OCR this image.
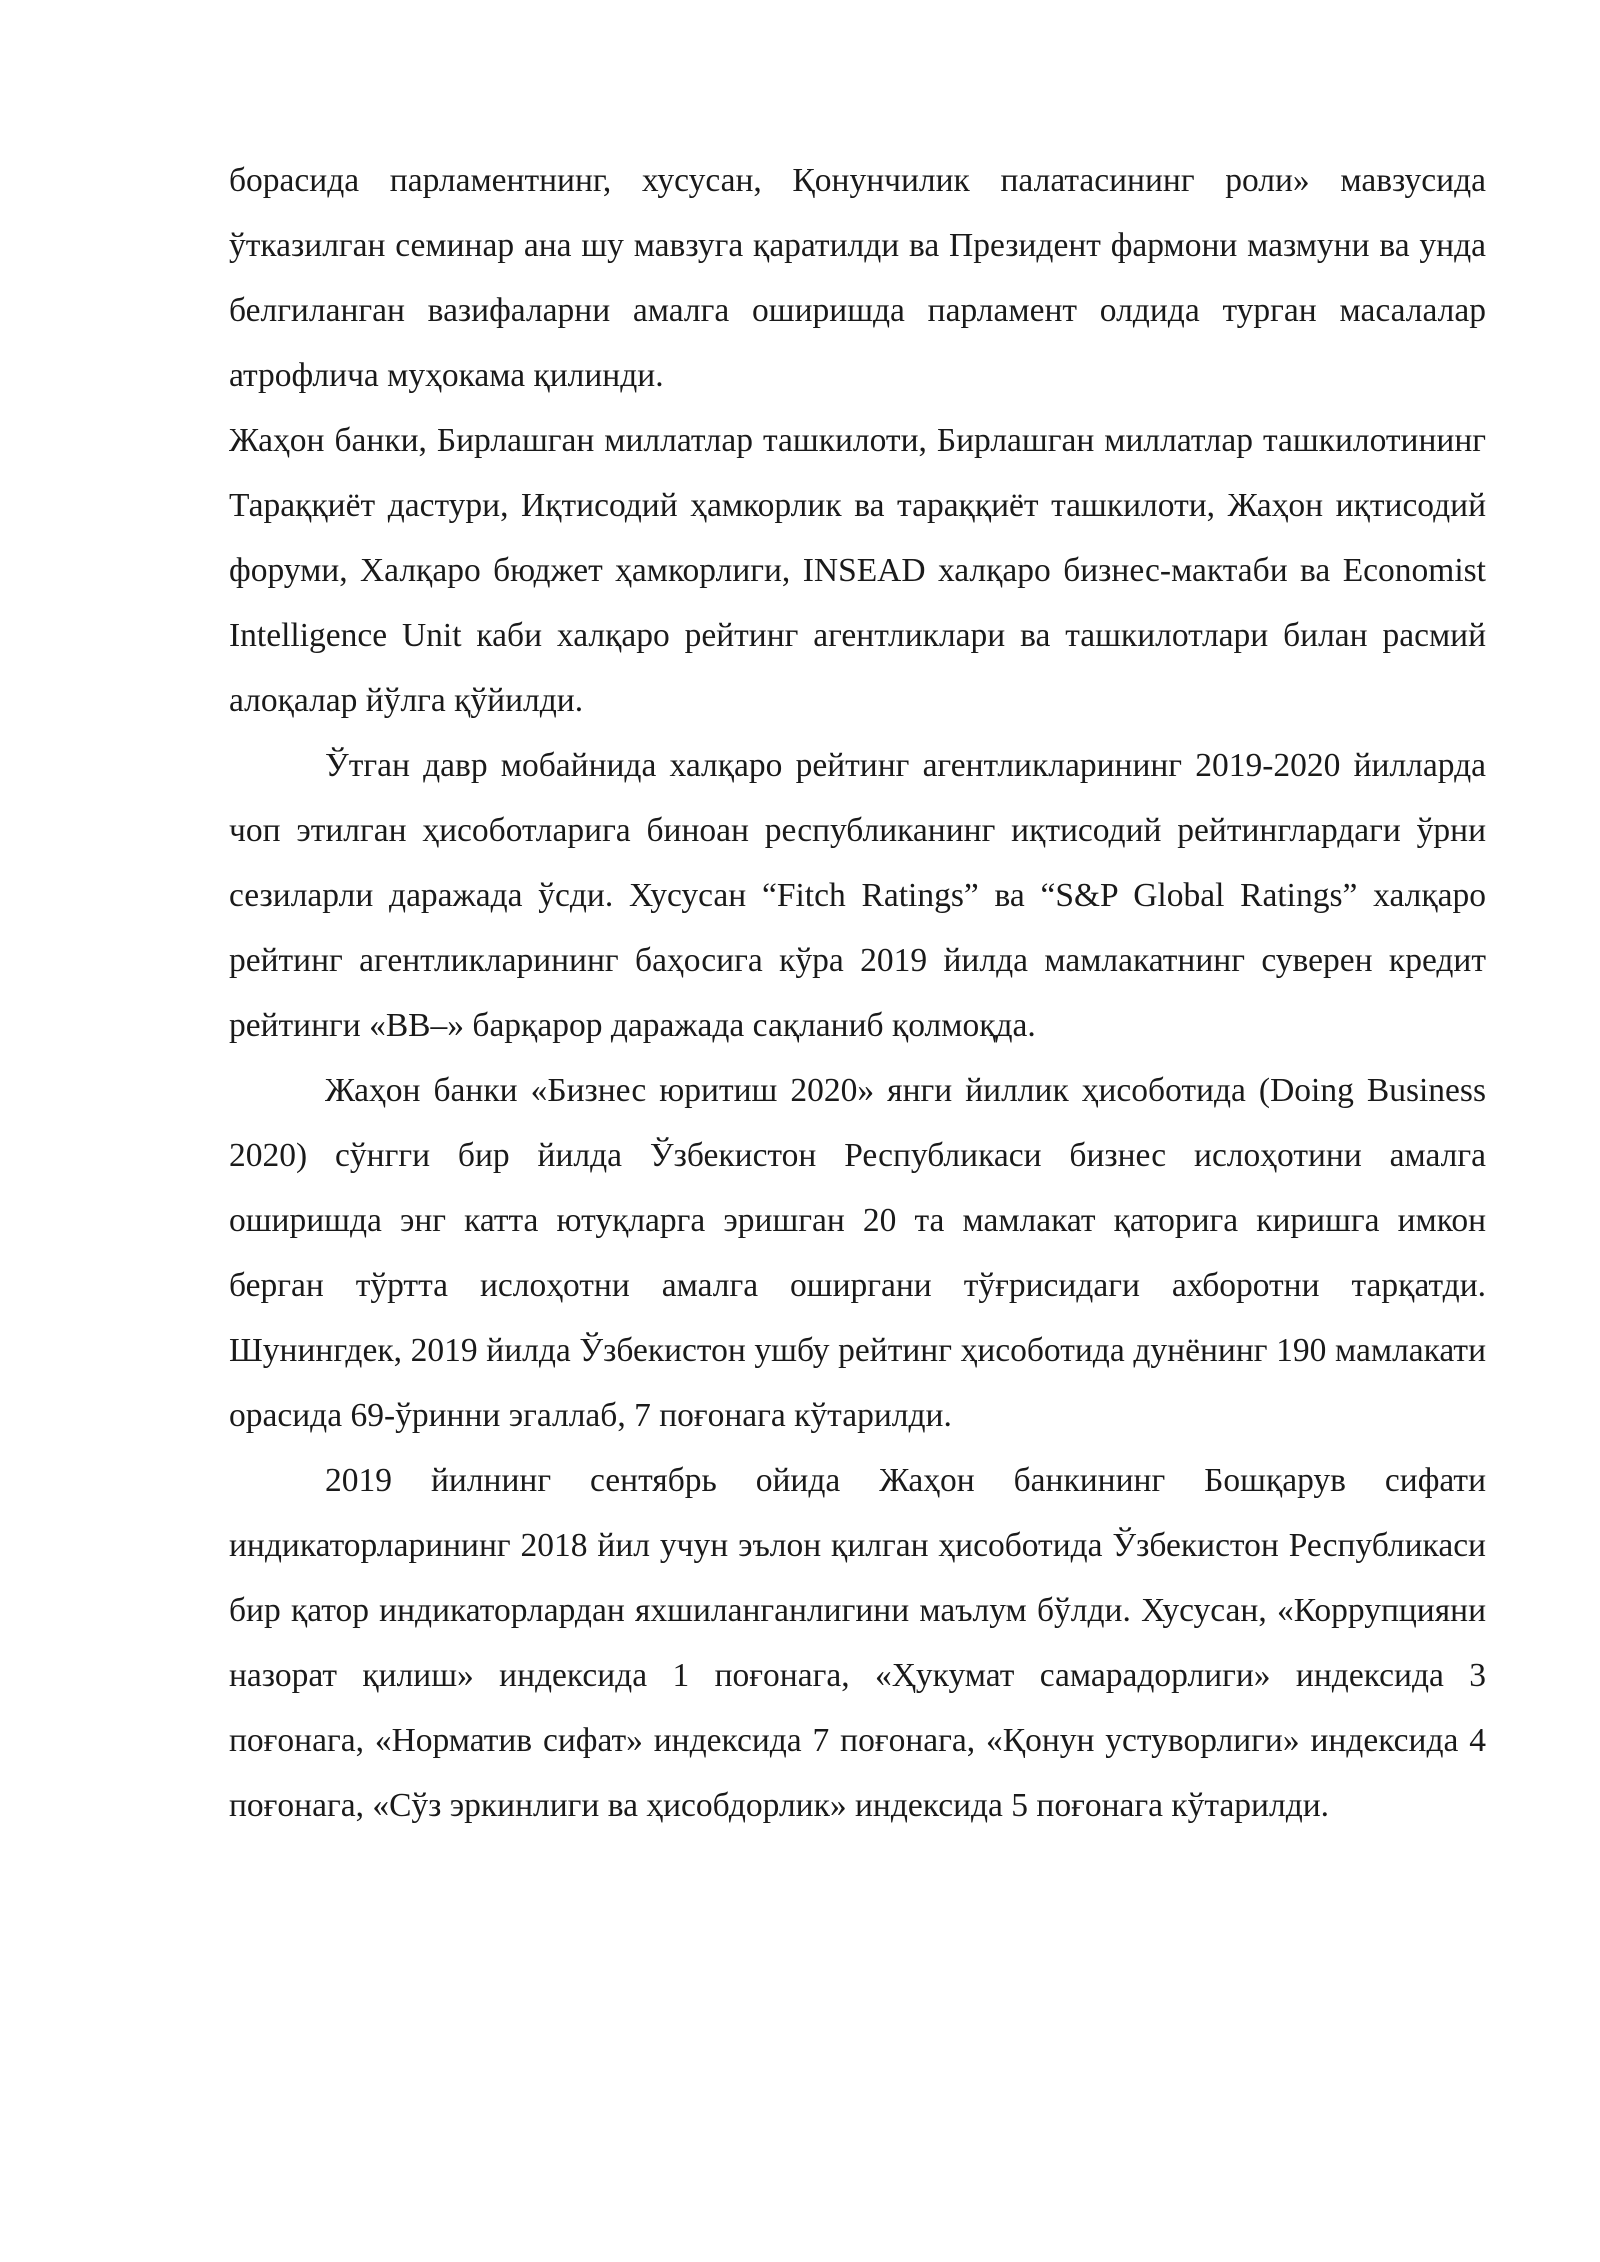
борасида парламентнинг, хусусан, Қонунчилик палатасининг роли» мавзусида ўтказилган семинар ана шу мавзуга қаратилди ва Президент фармони мазмуни ва унда белгиланган вазифаларни амалга оширишда парламент олдида турган масалалар атрофлича муҳокама қилинди.

Жаҳон банки, Бирлашган миллатлар ташкилоти, Бирлашган миллатлар ташкилотининг Тараққиёт дастури, Иқтисодий ҳамкорлик ва тараққиёт ташкилоти, Жаҳон иқтисодий форуми, Халқаро бюджет ҳамкорлиги, INSEAD халқаро бизнес-мактаби ва Economist Intelligence Unit каби халқаро рейтинг агентликлари ва ташкилотлари билан расмий алоқалар йўлга қўйилди.

Ўтган давр мобайнида халқаро рейтинг агентликларининг 2019-2020 йилларда чоп этилган ҳисоботларига биноан республиканинг иқтисодий рейтинглардаги ўрни сезиларли даражада ўсди. Хусусан “Fitch Ratings” ва “S&P Global Ratings” халқаро рейтинг агентликларининг баҳосига кўра 2019 йилда мамлакатнинг суверен кредит рейтинги «BB–» барқарор даражада сақланиб қолмоқда.

Жаҳон банки «Бизнес юритиш 2020» янги йиллик ҳисоботида (Doing Business 2020) сўнгги бир йилда Ўзбекистон Республикаси бизнес ислоҳотини амалга оширишда энг катта ютуқларга эришган 20 та мамлакат қаторига киришга имкон берган тўртта ислоҳотни амалга оширгани тўғрисидаги ахборотни тарқатди. Шунингдек, 2019 йилда Ўзбекистон ушбу рейтинг ҳисоботида дунёнинг 190 мамлакати орасида 69-ўринни эгаллаб, 7 поғонага кўтарилди.

2019 йилнинг сентябрь ойида Жаҳон банкининг Бошқарув сифати индикаторларининг 2018 йил учун эълон қилган ҳисоботида Ўзбекистон Республикаси бир қатор индикаторлардан яхшиланганлигини маълум бўлди. Хусусан, «Коррупцияни назорат қилиш» индексида 1 поғонага, «Ҳукумат самарадорлиги» индексида 3 поғонага, «Норматив сифат» индексида 7 поғонага, «Қонун устуворлиги» индексида 4 поғонага, «Сўз эркинлиги ва ҳисобдорлик» индексида 5 поғонага кўтарилди.
